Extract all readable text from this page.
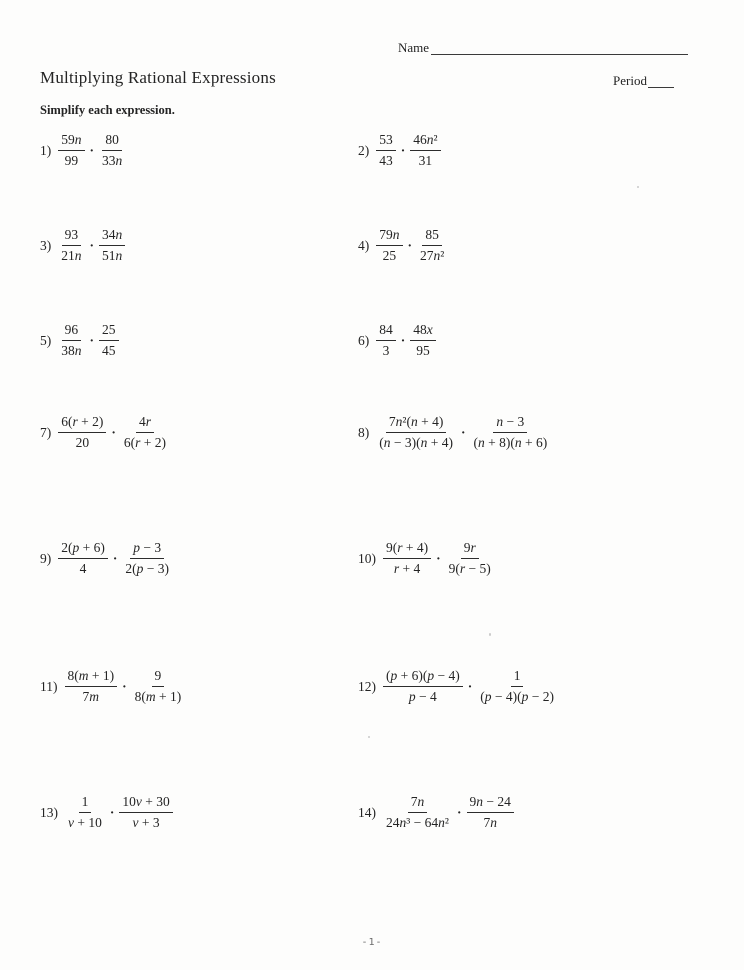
Name
Multiplying Rational Expressions	Period
Simplify each expression.
$1) \frac{59n}{99} \cdot \frac{80}{33n}$	$2) \frac{53}{43} \cdot \frac{\text{46n²}}{31}$
$3) \frac{93}{21n} \cdot \frac{34n}{51n}$	$4) \frac{79n}{25} \cdot \frac{85}{\text{27n²}}$
$5) \frac{96}{38n} \cdot \frac{25}{45}$	$6) \frac{84}{3} \cdot \frac{48x}{95}$
$7) \frac{6(r + 2)}{20} \cdot \frac{4r}{6(r + 2)}$	$8) \frac{\text{7n²(n + 4)}}{(n - 3)(n + 4)} \cdot \frac{n - 3}{(n + 8)(n + 6)}$
$9) \frac{2(p + 6)}{4} \cdot \frac{p - 3}{2(p - 3)}$	$10) \frac{9(r + 4)}{r + 4} \cdot \frac{9r}{9(r - 5)}$
$11) \frac{8(m + 1)}{7m} \cdot \frac{9}{8(m + 1)}$	$12) \frac{(p + 6)(p - 4)}{p - 4} \cdot \frac{1}{(p - 4)(p - 2)}$
$13) \frac{1}{v + 10} \cdot \frac{10v + 30}{v + 3}$	$14) \frac{7n}{\text{24n³ − 64n²}} \cdot \frac{9n - 24}{7n}$
-1-
